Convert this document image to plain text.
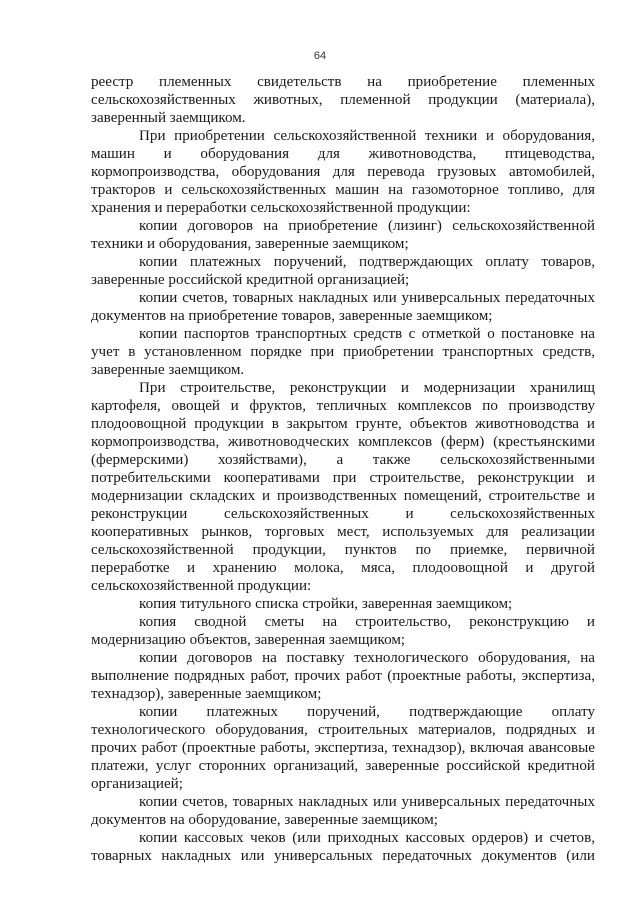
64

реестр племенных свидетельств на приобретение племенных сельскохозяйственных животных, племенной продукции (материала), заверенный заемщиком.

При приобретении сельскохозяйственной техники и оборудования, машин и оборудования для животноводства, птицеводства, кормопроизводства, оборудования для перевода грузовых автомобилей, тракторов и сельскохозяйственных машин на газомоторное топливо, для хранения и переработки сельскохозяйственной продукции:

копии договоров на приобретение (лизинг) сельскохозяйственной техники и оборудования, заверенные заемщиком;

копии платежных поручений, подтверждающих оплату товаров, заверенные российской кредитной организацией;

копии счетов, товарных накладных или универсальных передаточных документов на приобретение товаров, заверенные заемщиком;

копии паспортов транспортных средств с отметкой о постановке на учет в установленном порядке при приобретении транспортных средств, заверенные заемщиком.

При строительстве, реконструкции и модернизации хранилищ картофеля, овощей и фруктов, тепличных комплексов по производству плодоовощной продукции в закрытом грунте, объектов животноводства и кормопроизводства, животноводческих комплексов (ферм) (крестьянскими (фермерскими) хозяйствами), а также сельскохозяйственными потребительскими кооперативами при строительстве, реконструкции и модернизации складских и производственных помещений, строительстве и реконструкции сельскохозяйственных и сельскохозяйственных кооперативных рынков, торговых мест, используемых для реализации сельскохозяйственной продукции, пунктов по приемке, первичной переработке и хранению молока, мяса, плодоовощной и другой сельскохозяйственной продукции:

копия титульного списка стройки, заверенная заемщиком;

копия сводной сметы на строительство, реконструкцию и модернизацию объектов, заверенная заемщиком;

копии договоров на поставку технологического оборудования, на выполнение подрядных работ, прочих работ (проектные работы, экспертиза, технадзор), заверенные заемщиком;

копии платежных поручений, подтверждающие оплату технологического оборудования, строительных материалов, подрядных и прочих работ (проектные работы, экспертиза, технадзор), включая авансовые платежи, услуг сторонних организаций, заверенные российской кредитной организацией;

копии счетов, товарных накладных или универсальных передаточных документов на оборудование, заверенные заемщиком;

копии кассовых чеков (или приходных кассовых ордеров) и счетов, товарных накладных или универсальных передаточных документов (или
